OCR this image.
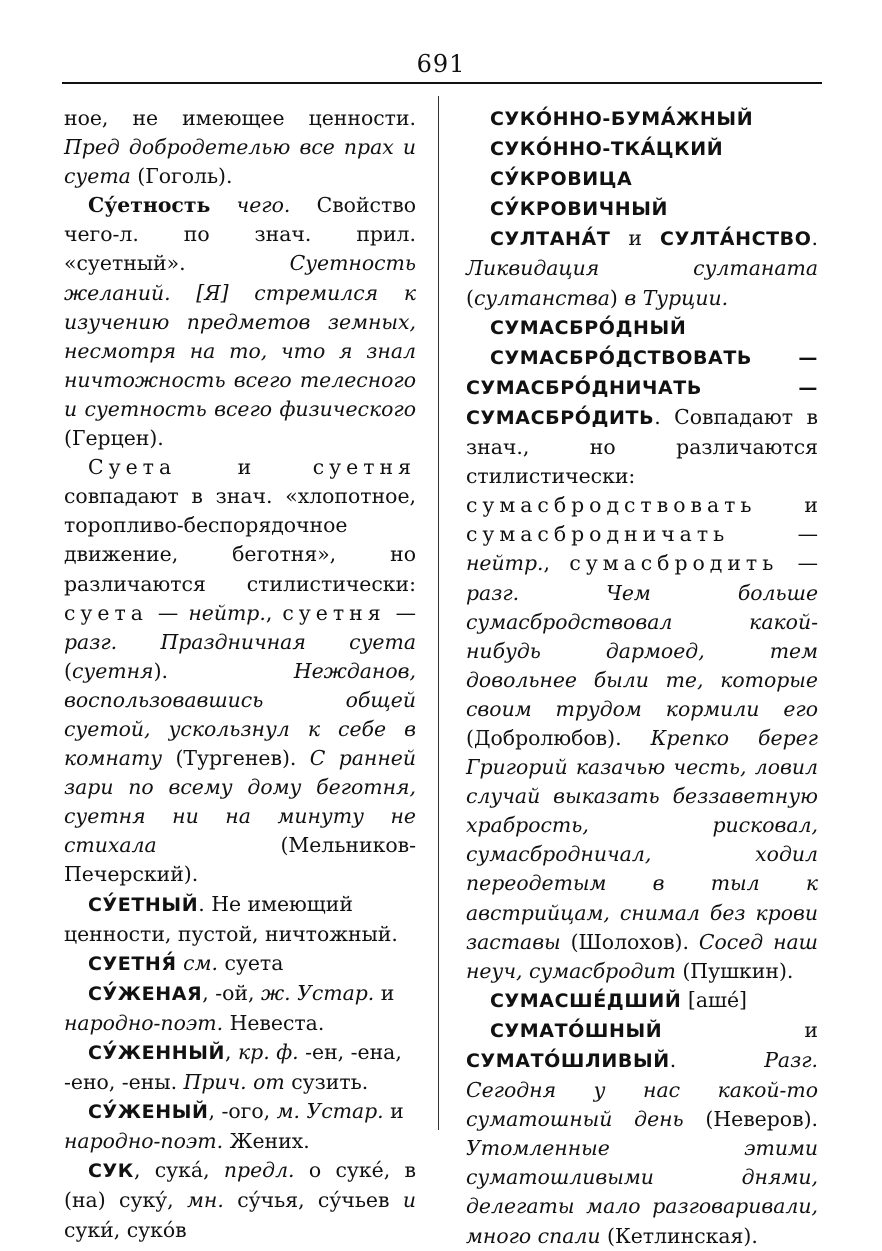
691

ное, не имеющее ценности. Пред добродетелью все прах и суета (Гоголь).

Су́етность чего. Свойство чего-л. по знач. прил. «суетный». Суетность желаний. [Я] стремился к изучению предметов земных, несмотря на то, что я знал ничтожность всего телесного и суетность всего физического (Герцен).

Суета и суетня совпадают в знач. «хлопотное, торопливо-беспорядочное движение, беготня», но различаются стилистически: суета — нейтр., суетня — разг. Праздничная суета (суетня). Нежданов, воспользовавшись общей суетой, ускользнул к себе в комнату (Тургенев). С ранней зари по всему дому беготня, суетня ни на минуту не стихала (Мельников-Печерский).

СУ́ЕТНЫЙ. Не имеющий ценности, пустой, ничтожный.

СУЕТНЯ́ см. суета

СУ́ЖЕНАЯ, -ой, ж. Устар. и народно-поэт. Невеста.

СУ́ЖЕННЫЙ, кр. ф. -ен, -ена, -ено, -ены. Прич. от сузить.

СУ́ЖЕНЫЙ, -ого, м. Устар. и народно-поэт. Жених.

СУК, сука́, предл. о суке́, в (на) суку́, мн. су́чья, су́чьев и суки́, суко́в

СУКО́ННО-БУМА́ЖНЫЙ

СУКО́ННО-ТКА́ЦКИЙ

СУ́КРОВИЦА

СУ́КРОВИЧНЫЙ

СУЛТАНА́Т и СУЛТА́НСТВО. Ликвидация султаната (султанства) в Турции.

СУМАСБРО́ДНЫЙ

СУМАСБРО́ДСТВОВАТЬ — СУМАСБРО́ДНИЧАТЬ — СУМАСБРО́ДИТЬ. Совпадают в знач., но различаются стилистически: сумасбродствовать и сумасбродничать — нейтр., сумасбродить — разг.	Чем больше сумасбродствовал какой-нибудь дармоед, тем довольнее были те, которые своим трудом кормили его (Добролюбов). Крепко берег Григорий казачью честь, ловил случай выказать беззаветную храбрость, рисковал, сумасбродничал, ходил переодетым в тыл к австрийцам, снимал без крови заставы (Шолохов). Сосед наш неуч, сумасбродит (Пушкин).

СУМАСШЕ́ДШИЙ [аше́]

СУМАТО́ШНЫЙ и СУМАТО́ШЛИВЫЙ. Разг. Сегодня у нас какой-то суматошный день (Неверов). Утомленные этими суматошливыми днями, делегаты мало разговаривали, много спали (Кетлинская).
